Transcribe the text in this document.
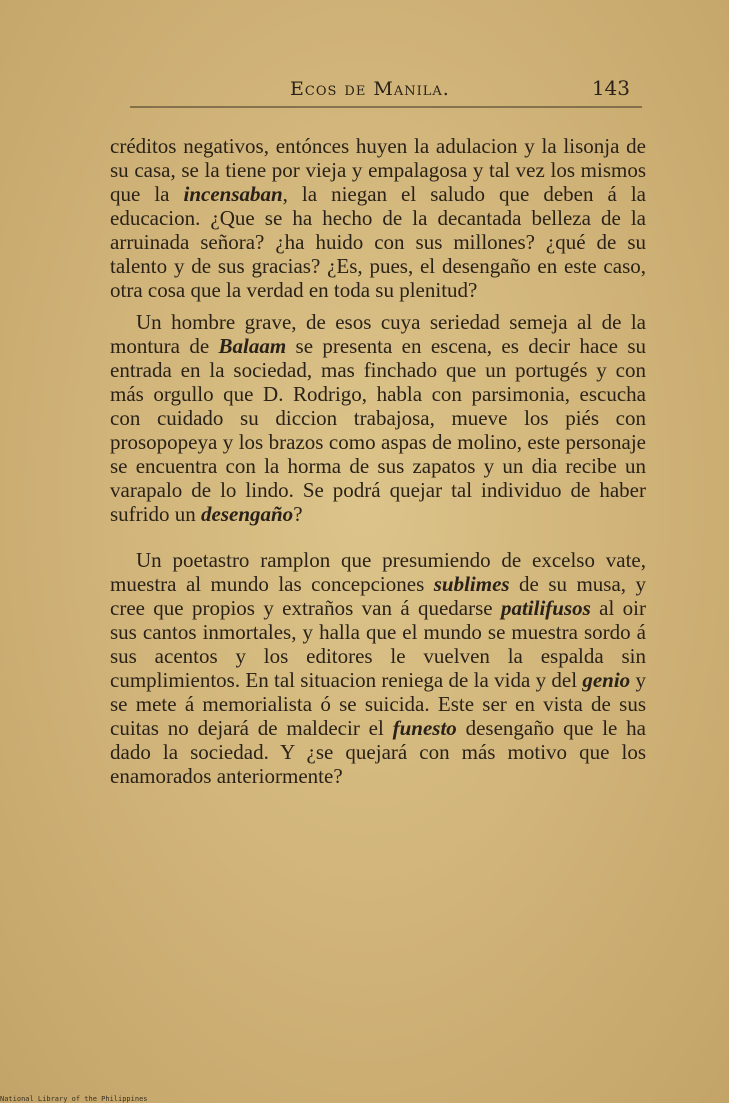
Ecos de Manila.	143

créditos negativos, entónces huyen la adulacion y la lisonja de su casa, se la tiene por vieja y empalagosa y tal vez los mismos que la incensaban, la niegan el saludo que deben á la educacion. ¿Que se ha hecho de la decantada belleza de la arruinada señora? ¿ha huido con sus millones? ¿qué de su talento y de sus gracias? ¿Es, pues, el desengaño en este caso, otra cosa que la verdad en toda su plenitud?

Un hombre grave, de esos cuya seriedad semeja al de la montura de Balaam se presenta en escena, es decir hace su entrada en la sociedad, mas finchado que un portugés y con más orgullo que D. Rodrigo, habla con parsimonia, escucha con cuidado su diccion trabajosa, mueve los piés con prosopopeya y los brazos como aspas de molino, este personaje se encuentra con la horma de sus zapatos y un dia recibe un varapalo de lo lindo. Se podrá quejar tal individuo de haber sufrido un desengaño?

Un poetastro ramplon que presumiendo de excelso vate, muestra al mundo las concepciones sublimes de su musa, y cree que propios y extraños van á quedarse patilifusos al oir sus cantos inmortales, y halla que el mundo se muestra sordo á sus acentos y los editores le vuelven la espalda sin cumplimientos. En tal situacion reniega de la vida y del genio y se mete á memorialista ó se suicida. Este ser en vista de sus cuitas no dejará de maldecir el funesto desengaño que le ha dado la sociedad. Y ¿se quejará con más motivo que los enamorados anteriormente?

National Library of the Philippines
